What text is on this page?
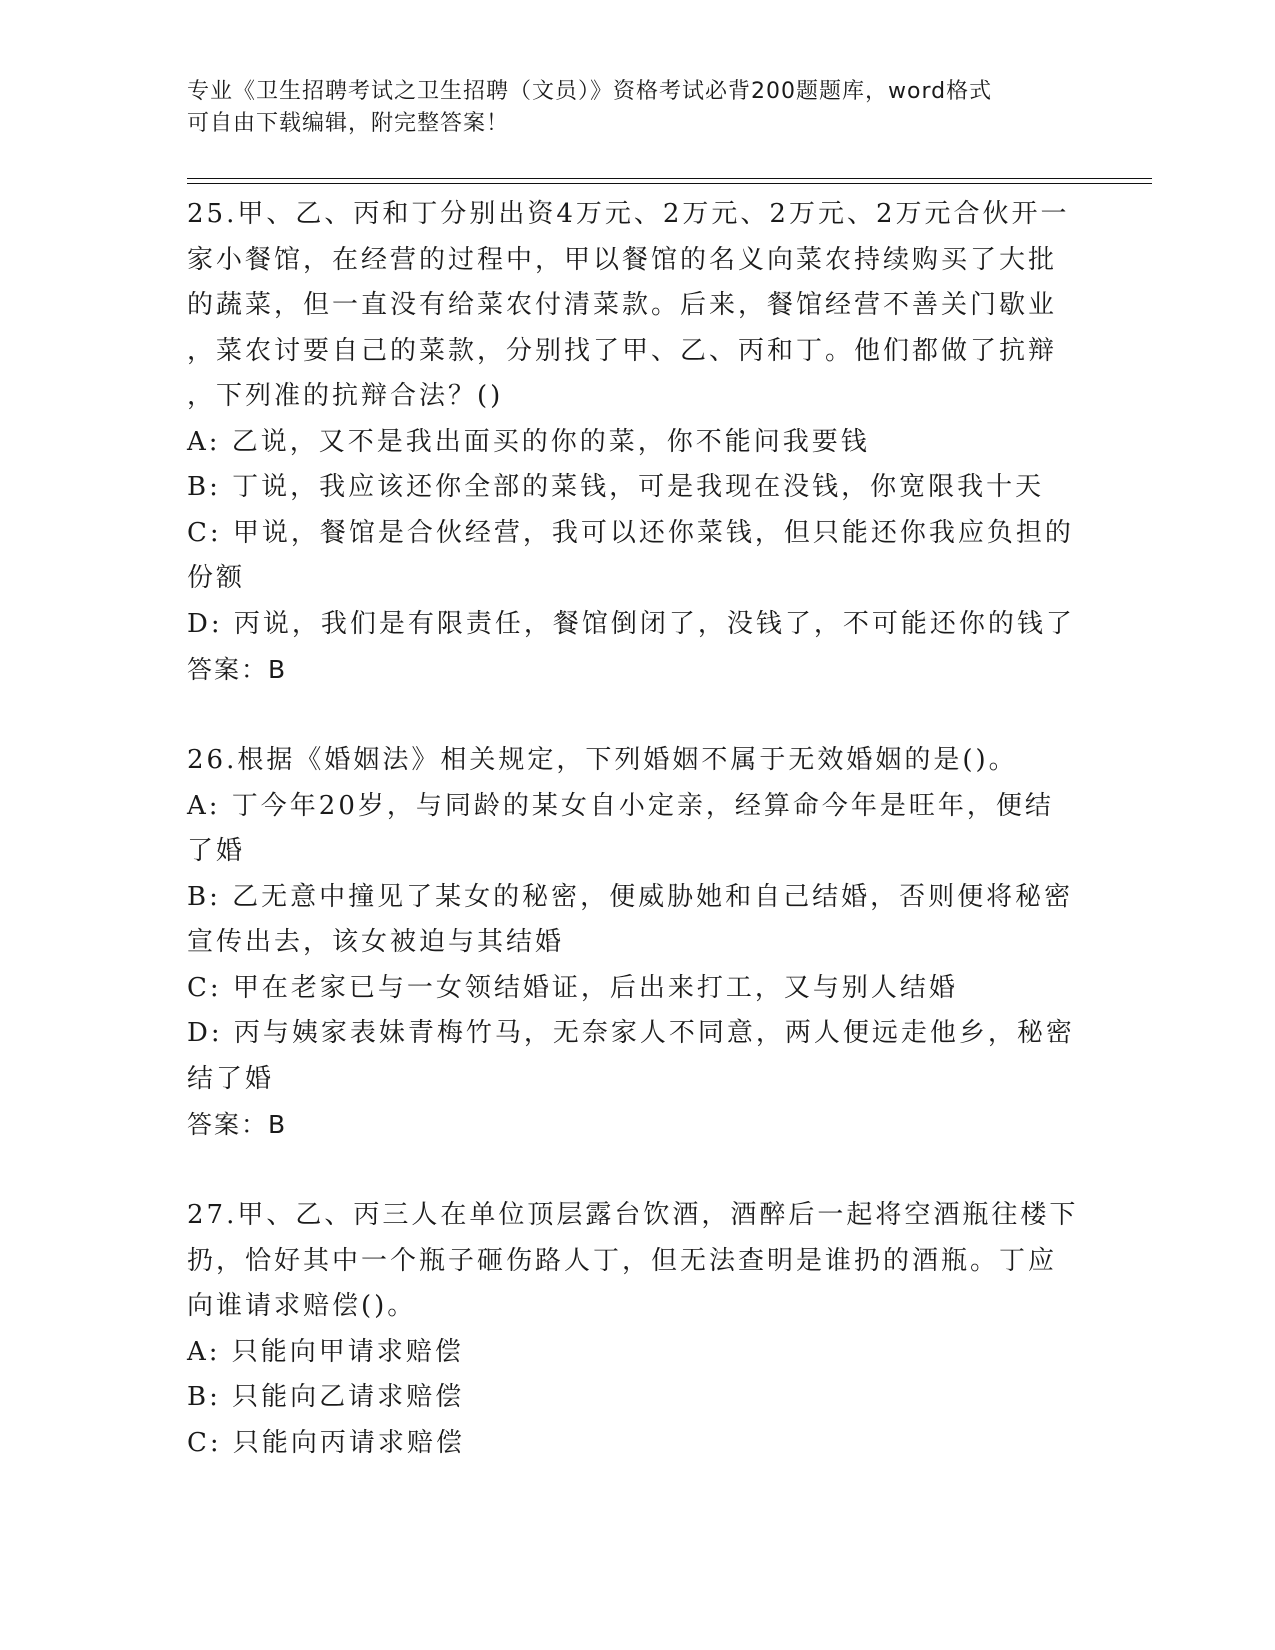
专业《卫生招聘考试之卫生招聘（文员）》资格考试必背200题题库，word格式
可自由下载编辑，附完整答案！
25.甲、乙、丙和丁分别出资4万元、2万元、2万元、2万元合伙开一
家小餐馆，在经营的过程中，甲以餐馆的名义向菜农持续购买了大批
的蔬菜，但一直没有给菜农付清菜款。后来，餐馆经营不善关门歇业
，菜农讨要自己的菜款，分别找了甲、乙、丙和丁。他们都做了抗辩
，下列准的抗辩合法？()
A: 乙说，又不是我出面买的你的菜，你不能问我要钱
B: 丁说，我应该还你全部的菜钱，可是我现在没钱，你宽限我十天
C: 甲说，餐馆是合伙经营，我可以还你菜钱，但只能还你我应负担的
份额
D: 丙说，我们是有限责任，餐馆倒闭了，没钱了，不可能还你的钱了
答案：B
26.根据《婚姻法》相关规定，下列婚姻不属于无效婚姻的是()。
A: 丁今年20岁，与同龄的某女自小定亲，经算命今年是旺年，便结
了婚
B: 乙无意中撞见了某女的秘密，便威胁她和自己结婚，否则便将秘密
宣传出去，该女被迫与其结婚
C: 甲在老家已与一女领结婚证，后出来打工，又与别人结婚
D: 丙与姨家表妹青梅竹马，无奈家人不同意，两人便远走他乡，秘密
结了婚
答案：B
27.甲、乙、丙三人在单位顶层露台饮酒，酒醉后一起将空酒瓶往楼下
扔，恰好其中一个瓶子砸伤路人丁，但无法查明是谁扔的酒瓶。丁应
向谁请求赔偿()。
A: 只能向甲请求赔偿
B: 只能向乙请求赔偿
C: 只能向丙请求赔偿
